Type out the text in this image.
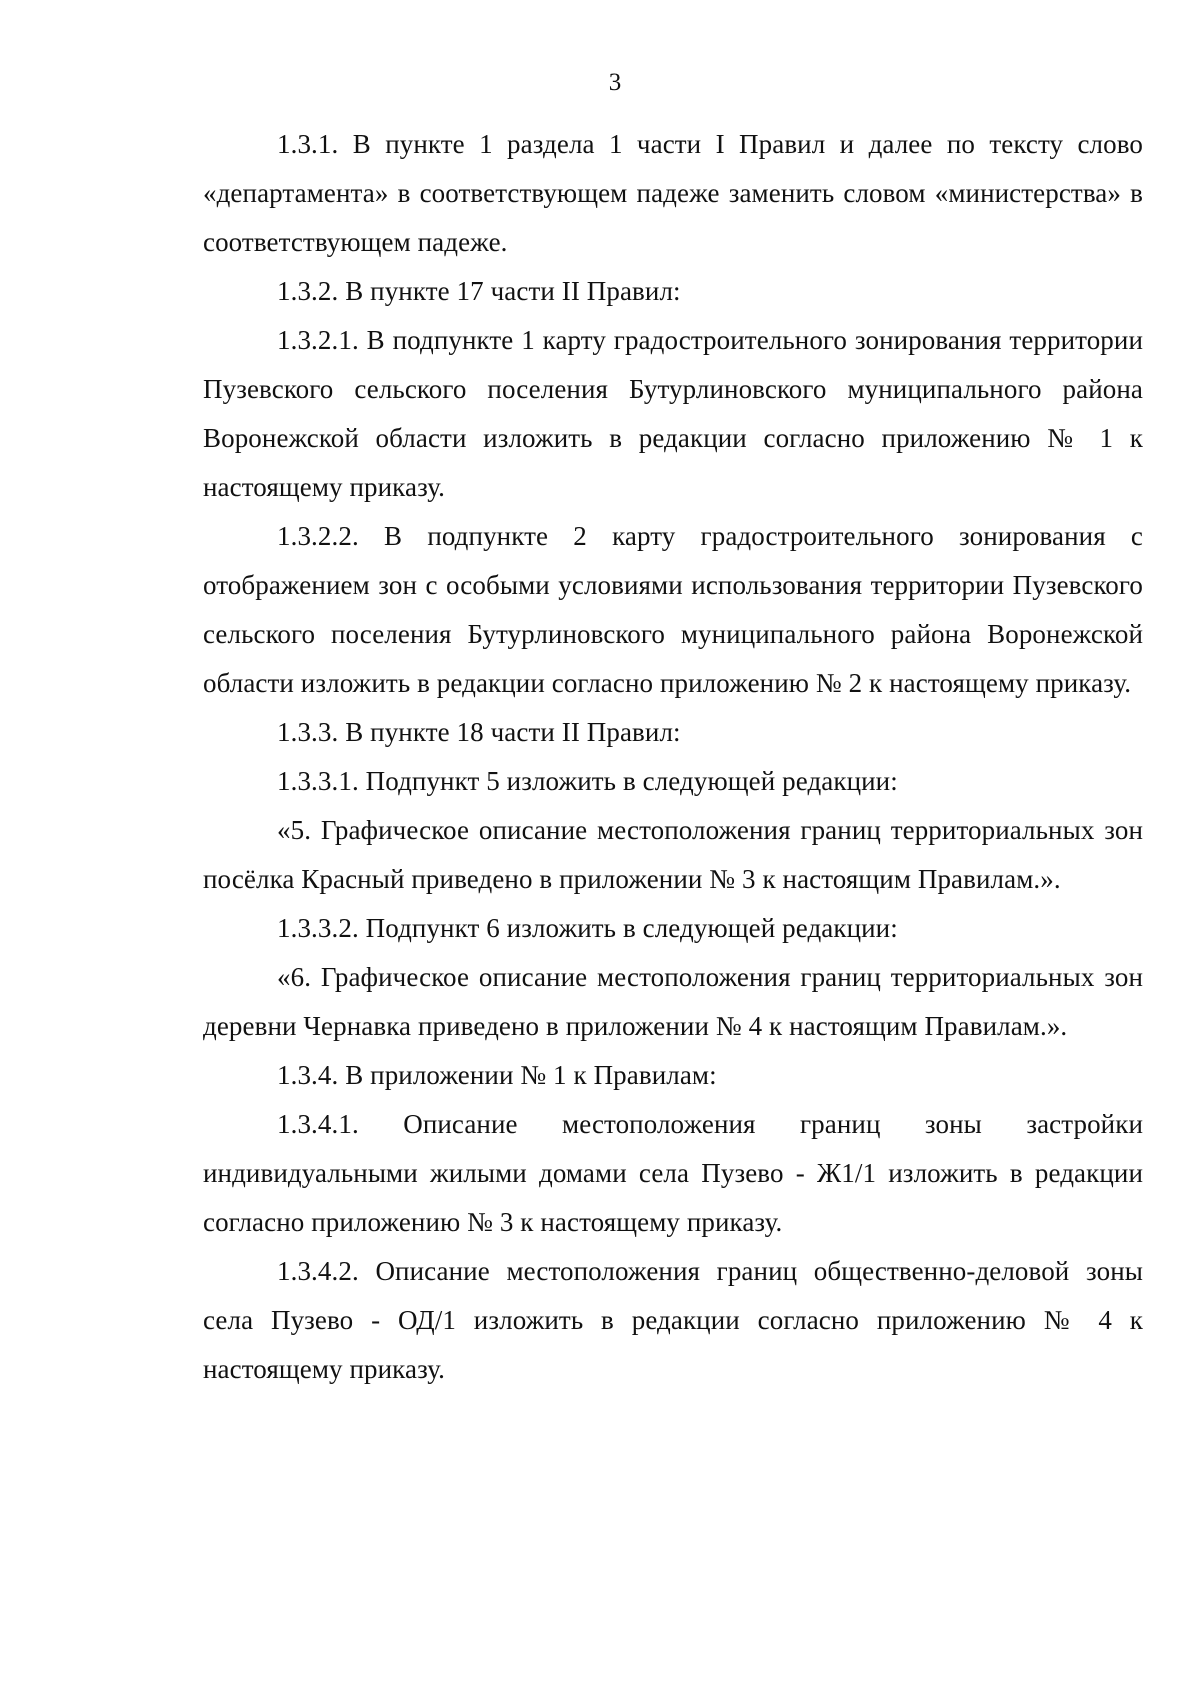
3

1.3.1. В пункте 1 раздела 1 части I Правил и далее по тексту слово «департамента» в соответствующем падеже заменить словом «министерства» в соответствующем падеже.

1.3.2. В пункте 17 части II Правил:

1.3.2.1. В подпункте 1 карту градостроительного зонирования территории Пузевского сельского поселения Бутурлиновского муниципального района Воронежской области изложить в редакции согласно приложению № 1 к настоящему приказу.

1.3.2.2. В подпункте 2 карту градостроительного зонирования с отображением зон с особыми условиями использования территории Пузевского сельского поселения Бутурлиновского муниципального района Воронежской области изложить в редакции согласно приложению № 2 к настоящему приказу.

1.3.3. В пункте 18 части II Правил:

1.3.3.1. Подпункт 5 изложить в следующей редакции:

«5. Графическое описание местоположения границ территориальных зон посёлка Красный приведено в приложении № 3 к настоящим Правилам.».

1.3.3.2. Подпункт 6 изложить в следующей редакции:

«6. Графическое описание местоположения границ территориальных зон деревни Чернавка приведено в приложении № 4 к настоящим Правилам.».

1.3.4. В приложении № 1 к Правилам:

1.3.4.1. Описание местоположения границ зоны застройки индивидуальными жилыми домами села Пузево - Ж1/1 изложить в редакции согласно приложению № 3 к настоящему приказу.

1.3.4.2. Описание местоположения границ общественно-деловой зоны села Пузево - ОД/1 изложить в редакции согласно приложению № 4 к настоящему приказу.
